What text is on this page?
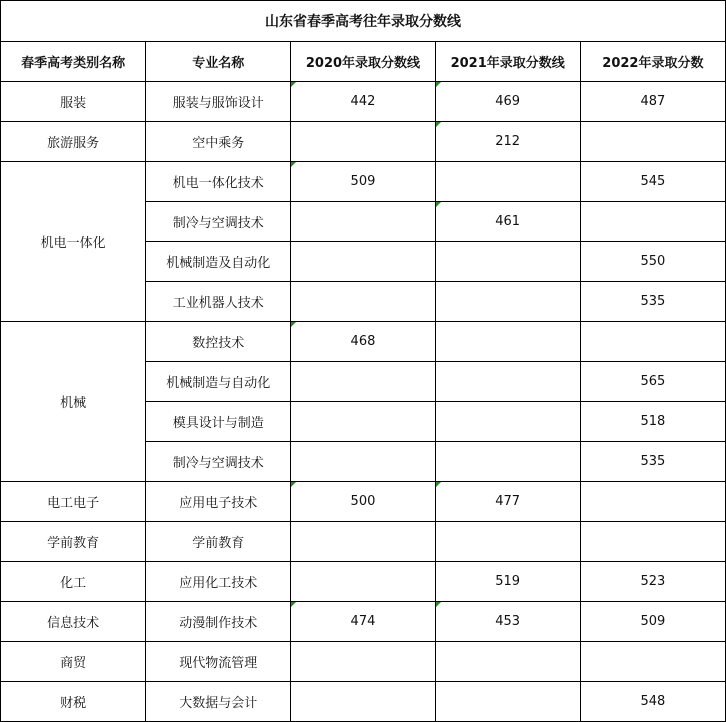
山东省春季高考往年录取分数线				
春季高考类别名称	专业名称	2020年录取分数线	2021年录取分数线	2022年录取分数
服装	服装与服饰设计	442	469	487
旅游服务	空中乘务		212	
机电一体化	机电一体化技术	509		545
	制冷与空调技术		461	
	机械制造及自动化			550
	工业机器人技术			535
机械	数控技术	468		
	机械制造与自动化			565
	模具设计与制造			518
	制冷与空调技术			535
电工电子	应用电子技术	500	477	
学前教育	学前教育			
化工	应用化工技术		519	523
信息技术	动漫制作技术	474	453	509
商贸	现代物流管理			
财税	大数据与会计			548
